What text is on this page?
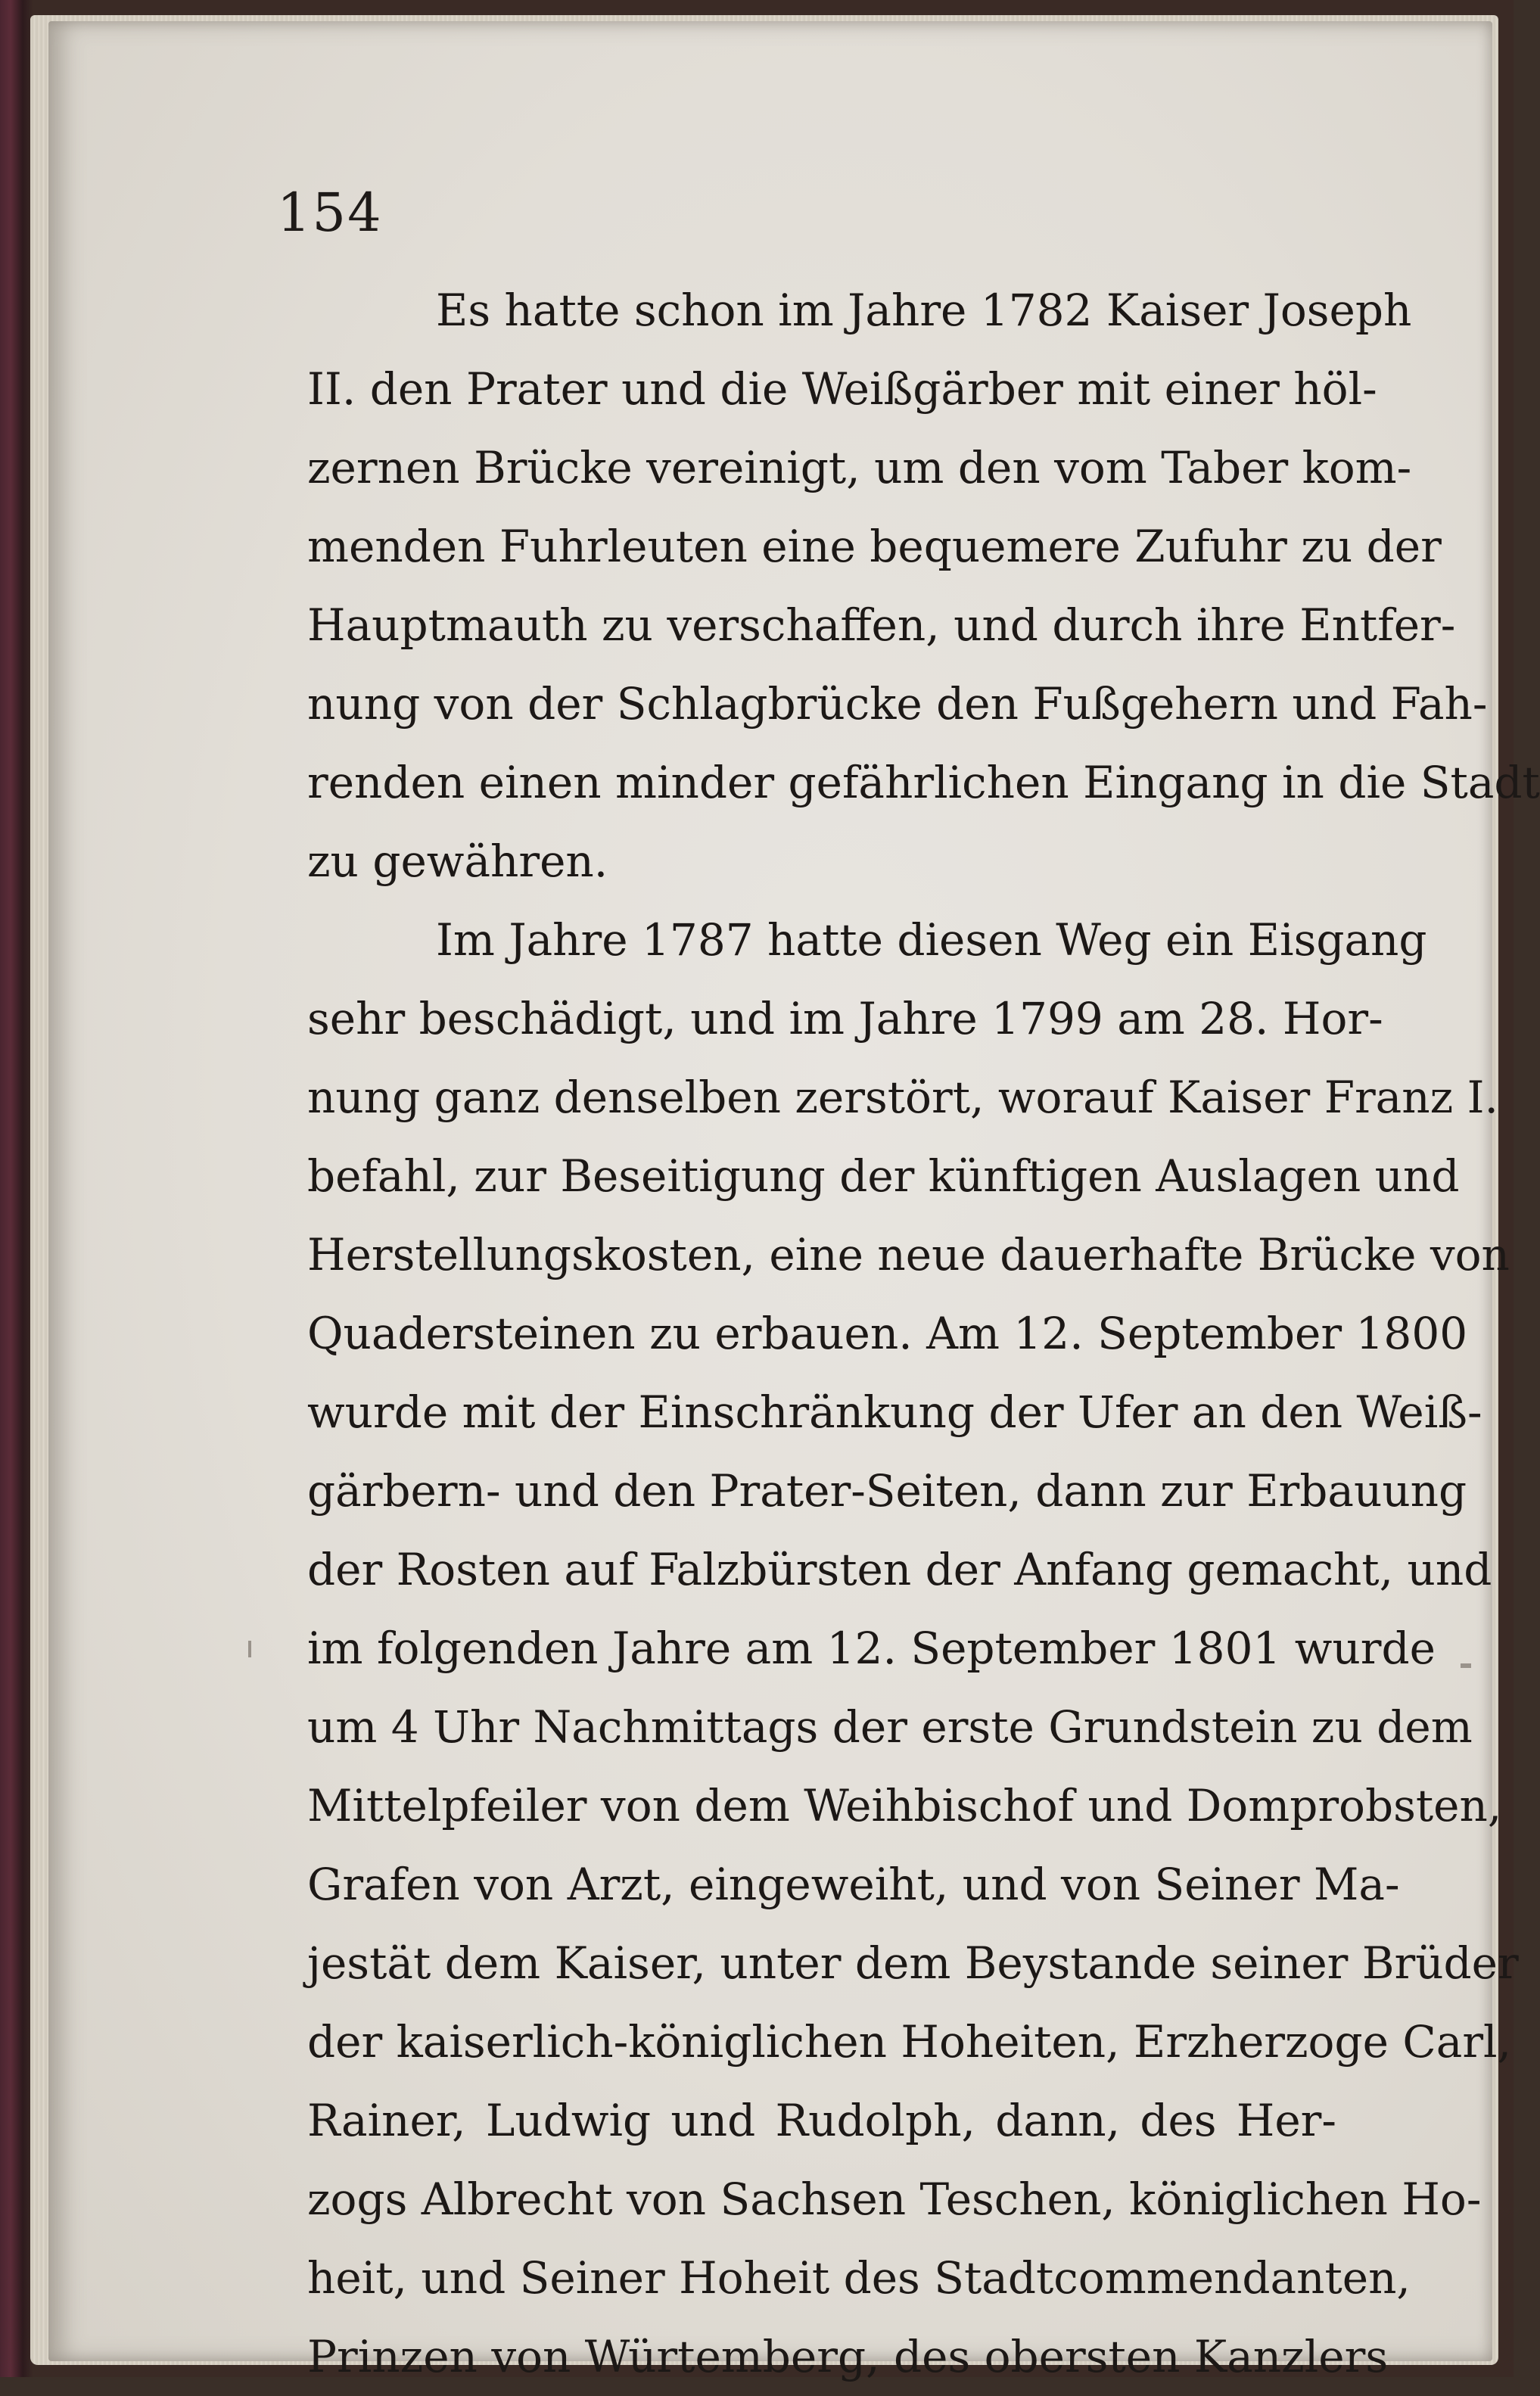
154
Es hatte schon im Jahre 1782 Kaiser Joseph
II. den Prater und die Weißgärber mit einer höl-
zernen Brücke vereinigt, um den vom Taber kom-
menden Fuhrleuten eine bequemere Zufuhr zu der
Hauptmauth zu verschaffen, und durch ihre Entfer-
nung von der Schlagbrücke den Fußgehern und Fah-
renden einen minder gefährlichen Eingang in die Stadt
zu gewähren.
Im Jahre 1787 hatte diesen Weg ein Eisgang
sehr beschädigt, und im Jahre 1799 am 28. Hor-
nung ganz denselben zerstört, worauf Kaiser Franz I.
befahl, zur Beseitigung der künftigen Auslagen und
Herstellungskosten, eine neue dauerhafte Brücke von
Quadersteinen zu erbauen. Am 12. September 1800
wurde mit der Einschränkung der Ufer an den Weiß-
gärbern- und den Prater-Seiten, dann zur Erbauung
der Rosten auf Falzbürsten der Anfang gemacht, und
im folgenden Jahre am 12. September 1801 wurde
um 4 Uhr Nachmittags der erste Grundstein zu dem
Mittelpfeiler von dem Weihbischof und Domprobsten,
Grafen von Arzt, eingeweiht, und von Seiner Ma-
jestät dem Kaiser, unter dem Beystande seiner Brüder
der kaiserlich-königlichen Hoheiten, Erzherzoge Carl,
Rainer, Ludwig und Rudolph, dann, des Her-
zogs Albrecht von Sachsen Teschen, königlichen Ho-
heit, und Seiner Hoheit des Stadtcommendanten,
Prinzen von Würtemberg, des obersten Kanzlers
